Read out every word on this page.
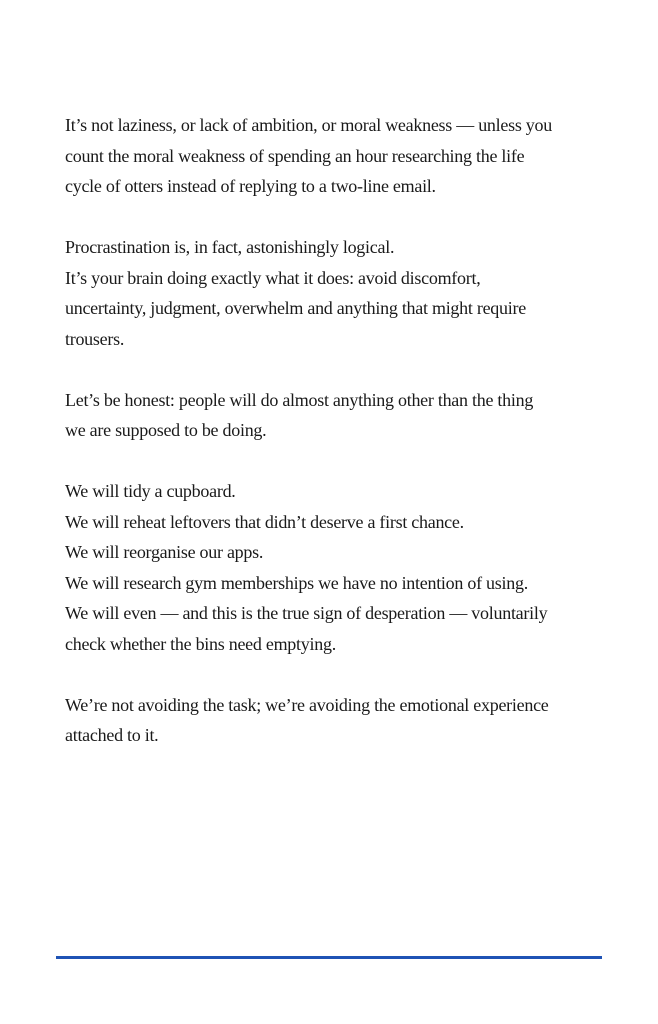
It’s not laziness, or lack of ambition, or moral weakness — unless you
count the moral weakness of spending an hour researching the life
cycle of otters instead of replying to a two-line email.
Procrastination is, in fact, astonishingly logical.
It’s your brain doing exactly what it does: avoid discomfort,
uncertainty, judgment, overwhelm and anything that might require
trousers.
Let’s be honest: people will do almost anything other than the thing
we are supposed to be doing.
We will tidy a cupboard.
We will reheat leftovers that didn’t deserve a first chance.
We will reorganise our apps.
We will research gym memberships we have no intention of using.
We will even — and this is the true sign of desperation — voluntarily
check whether the bins need emptying.
We’re not avoiding the task; we’re avoiding the emotional experience
attached to it.
